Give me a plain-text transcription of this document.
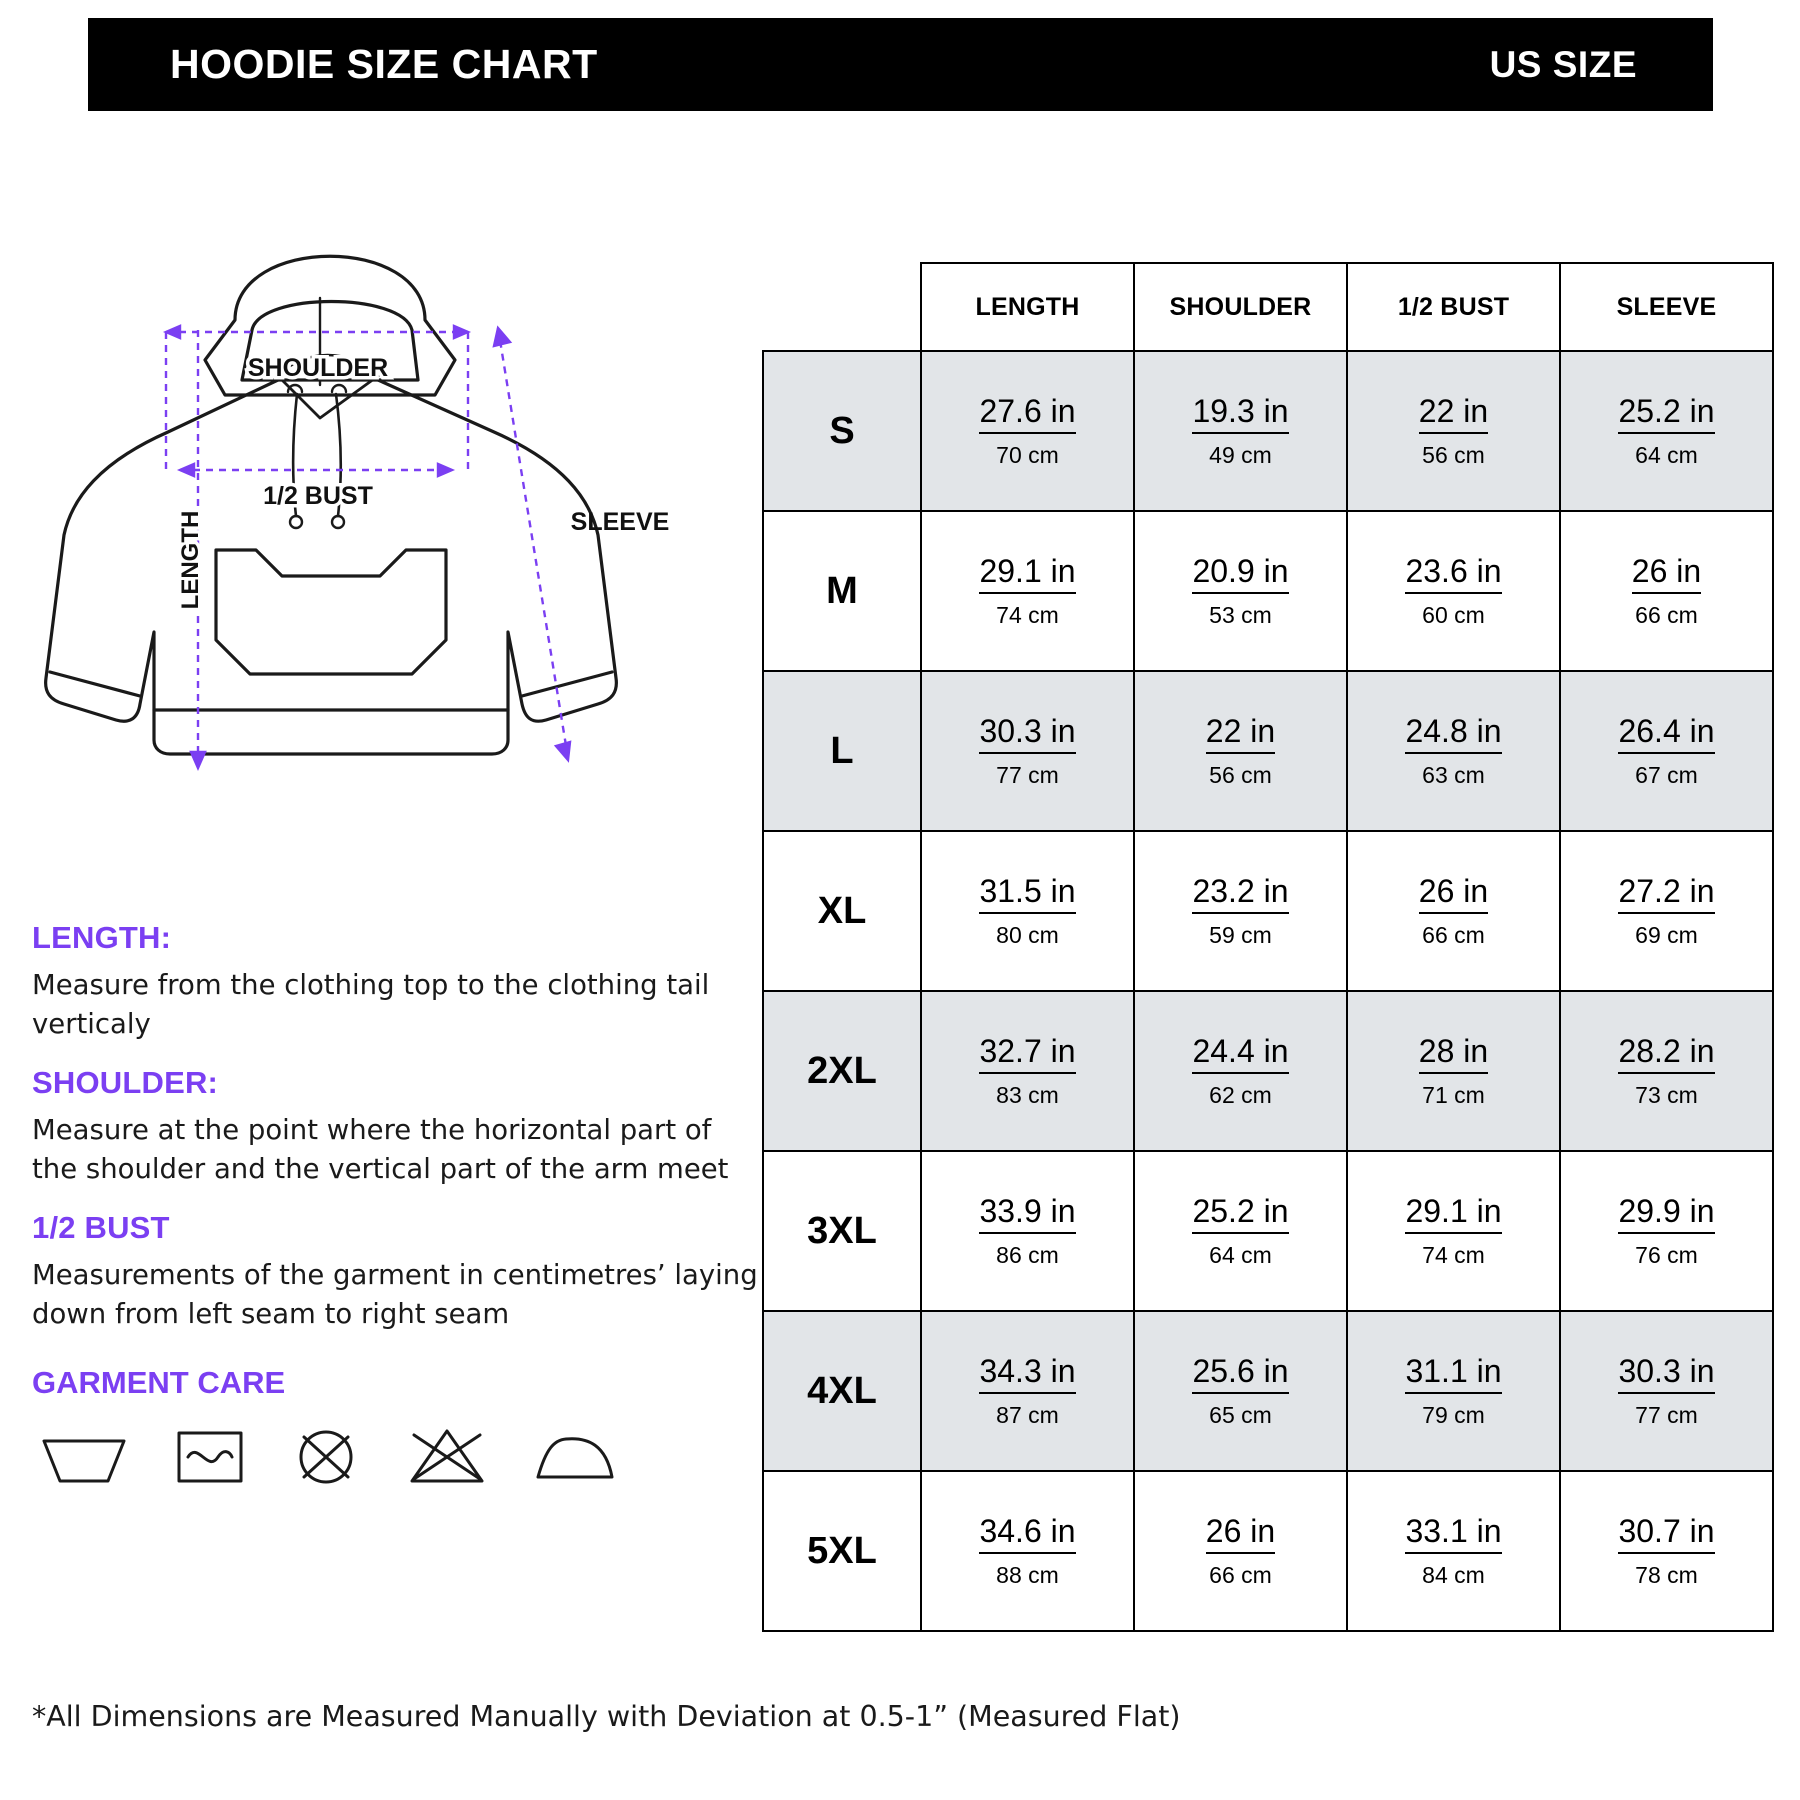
HOODIE SIZE CHART	US SIZE
SHOULDER
1/2 BUST
LENGTH	SLEEVE

LENGTH:

Measure from the clothing top to the clothing tail verticaly

SHOULDER:

Measure at the point where the horizontal part of the shoulder and the vertical part of the arm meet

1/2 BUST

Measurements of the garment in centimetres’ laying down from left seam to right seam

GARMENT CARE

*All Dimensions are Measured Manually with Deviation at 0.5-1” (Measured Flat)
	LENGTH	SHOULDER	1/2 BUST	SLEEVE
S	27.6 in
70 cm
	19.3 in
49 cm
	22 in
56 cm
	25.2 in
64 cm

M	29.1 in
74 cm
	20.9 in
53 cm
	23.6 in
60 cm
	26 in
66 cm

L	30.3 in
77 cm
	22 in
56 cm
	24.8 in
63 cm
	26.4 in
67 cm

XL	31.5 in
80 cm
	23.2 in
59 cm
	26 in
66 cm
	27.2 in
69 cm

2XL	32.7 in
83 cm
	24.4 in
62 cm
	28 in
71 cm
	28.2 in
73 cm

3XL	33.9 in
86 cm
	25.2 in
64 cm
	29.1 in
74 cm
	29.9 in
76 cm

4XL	34.3 in
87 cm
	25.6 in
65 cm
	31.1 in
79 cm
	30.3 in
77 cm

5XL	34.6 in
88 cm
	26 in
66 cm
	33.1 in
84 cm
	30.7 in
78 cm
